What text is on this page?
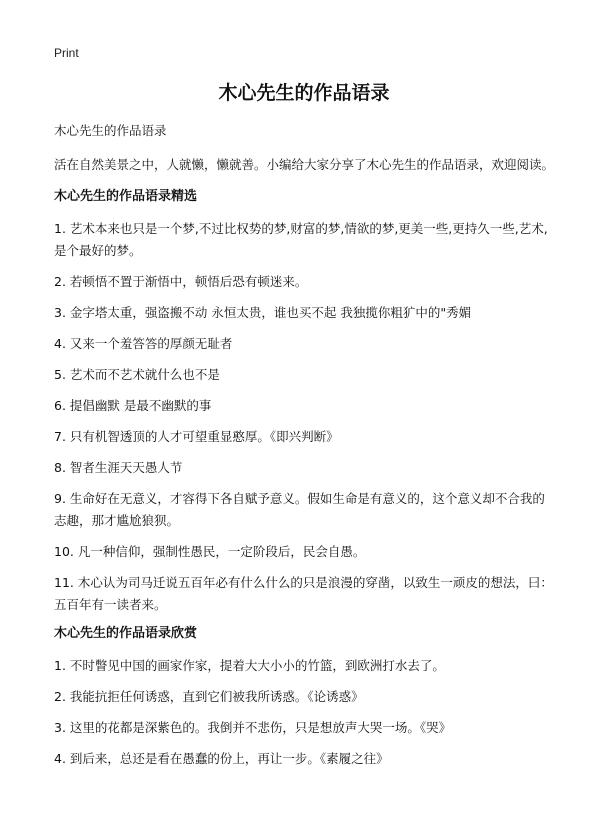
Print
木心先生的作品语录

木心先生的作品语录

活在自然美景之中，人就懒，懒就善。小编给大家分享了木心先生的作品语录，欢迎阅读。

木心先生的作品语录精选

1. 艺术本来也只是一个梦,不过比权势的梦,财富的梦,情欲的梦,更美一些,更持久一些,艺术,是个最好的梦。

2. 若顿悟不置于渐悟中，顿悟后恐有顿迷来。

3. 金字塔太重，强盗搬不动 永恒太贵，谁也买不起 我独揽你粗犷中的"秀媚

4. 又来一个羞答答的厚颜无耻者

5. 艺术而不艺术就什么也不是

6. 提倡幽默 是最不幽默的事

7. 只有机智透顶的人才可望重显憨厚。《即兴判断》

8. 智者生涯天天愚人节

9. 生命好在无意义，才容得下各自赋予意义。假如生命是有意义的，这个意义却不合我的志趣，那才尴尬狼狈。

10. 凡一种信仰，强制性愚民，一定阶段后，民会自愚。

11. 木心认为司马迁说五百年必有什么什么的只是浪漫的穿凿，以致生一顽皮的想法，曰：五百年有一读者来。

木心先生的作品语录欣赏

1. 不时瞥见中国的画家作家，提着大大小小的竹篮，到欧洲打水去了。

2. 我能抗拒任何诱惑，直到它们被我所诱惑。《论诱惑》

3. 这里的花都是深紫色的。我倒并不悲伤，只是想放声大哭一场。《哭》

4. 到后来，总还是看在愚蠢的份上，再让一步。《素履之往》
